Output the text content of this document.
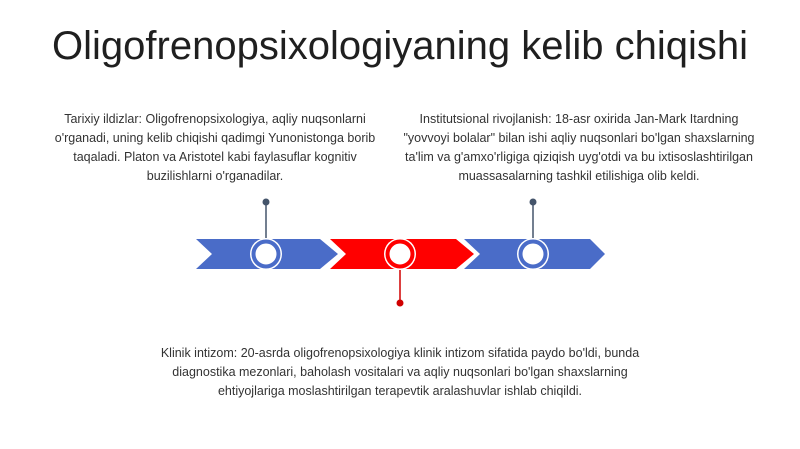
Oligofrenopsixologiyaning kelib chiqishi
Tarixiy ildizlar: Oligofrenopsixologiya, aqliy nuqsonlarni o'rganadi, uning kelib chiqishi qadimgi Yunonistonga borib taqaladi. Platon va Aristotel kabi faylasuflar kognitiv buzilishlarni o'rganadilar.
Institutsional rivojlanish: 18-asr oxirida Jan-Mark Itardning "yovvoyi bolalar" bilan ishi aqliy nuqsonlari bo'lgan shaxslarning ta'lim va g'amxo'rligiga qiziqish uyg'otdi va bu ixtisoslashtirilgan muassasalarning tashkil etilishiga olib keldi.
Klinik intizom: 20-asrda oligofrenopsixologiya klinik intizom sifatida paydo bo'ldi, bunda diagnostika mezonlari, baholash vositalari va aqliy nuqsonlari bo'lgan shaxslarning ehtiyojlariga moslashtirilgan terapevtik aralashuvlar ishlab chiqildi.
